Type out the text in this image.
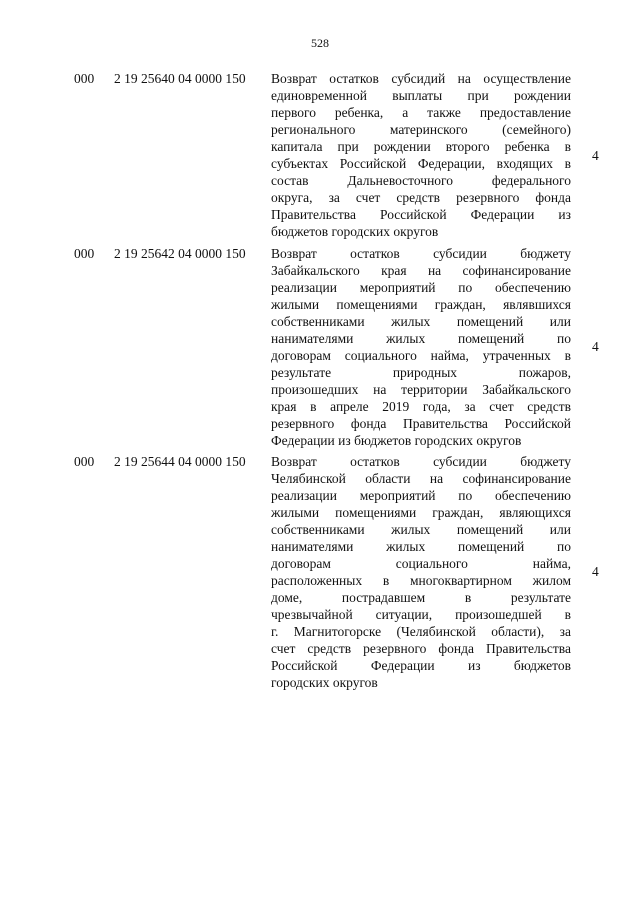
528
000 2 19 25640 04 0000 150 Возврат остатков субсидий на осуществление
единовременной выплаты при рождении
первого ребенка, а также предоставление
регионального материнского (семейного)
капитала при рождении второго ребенка в
субъектах Российской Федерации, входящих в
состав Дальневосточного федерального
округа, за счет средств резервного фонда
Правительства Российской Федерации из
бюджетов городских округов
4
000 2 19 25642 04 0000 150 Возврат остатков субсидии бюджету
Забайкальского края на софинансирование
реализации мероприятий по обеспечению
жилыми помещениями граждан, являвшихся
собственниками жилых помещений или
нанимателями жилых помещений по
договорам социального найма, утраченных в
результате природных пожаров,
произошедших на территории Забайкальского
края в апреле 2019 года, за счет средств
резервного фонда Правительства Российской
Федерации из бюджетов городских округов
4
000 2 19 25644 04 0000 150 Возврат остатков субсидии бюджету
Челябинской области на софинансирование
реализации мероприятий по обеспечению
жилыми помещениями граждан, являющихся
собственниками жилых помещений или
нанимателями жилых помещений по
договорам социального найма,
расположенных в многоквартирном жилом
доме, пострадавшем в результате
чрезвычайной ситуации, произошедшей в
г. Магнитогорске (Челябинской области), за
счет средств резервного фонда Правительства
Российской Федерации из бюджетов
городских округов
4
